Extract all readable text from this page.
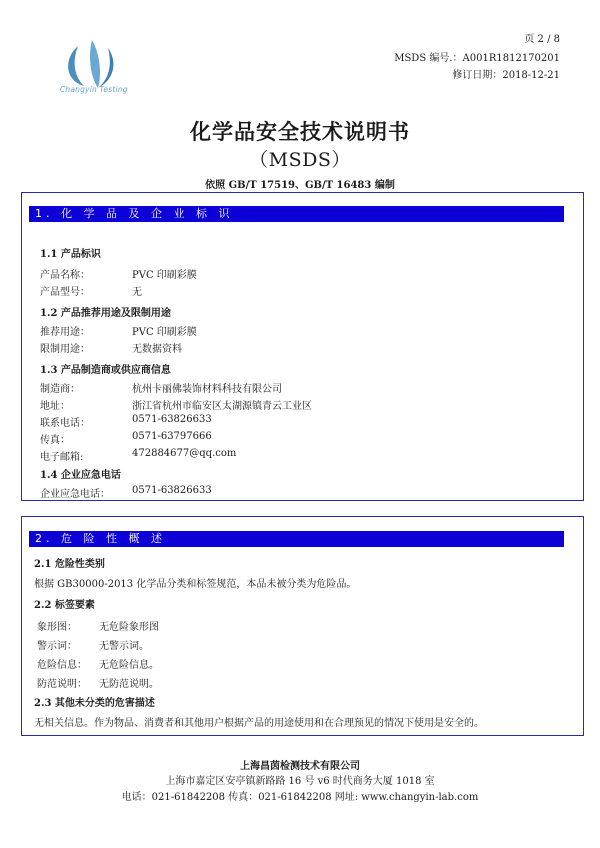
Changyin Testing
页 2 / 8
MSDS 编号.：A001R1812170201
修订日期：2018-12-21
化学品安全技术说明书
（MSDS）
依照 GB/T 17519、GB/T 16483 编制
1. 化 学 品 及 企 业 标 识
1.1 产品标识
产品名称：	PVC 印刷彩膜
产品型号：	无
1.2 产品推荐用途及限制用途
推荐用途：	PVC 印刷彩膜
限制用途：	无数据资料
1.3 产品制造商或供应商信息
制造商：	杭州卡丽佛装饰材料科技有限公司
地址：	浙江省杭州市临安区太湖源镇青云工业区
联系电话：	0571-63826633
传真：	0571-63797666
电子邮箱:	472884677@qq.com
1.4 企业应急电话
企业应急电话： 0571-63826633
2. 危 险 性 概 述
2.1 危险性类别
根据 GB30000-2013 化学品分类和标签规范，本品未被分类为危险品。
2.2 标签要素
象形图： 无危险象形图
警示词： 无警示词。
危险信息： 无危险信息。
防范说明： 无防范说明。
2.3 其他未分类的危害描述
无相关信息。作为物品、消费者和其他用户根据产品的用途使用和在合理预见的情况下使用是安全的。
上海昌茵检测技术有限公司
上海市嘉定区安亭镇新路路 16 号 v6 时代商务大厦 1018 室
电话：021-61842208 传真：021-61842208 网址: www.changyin-lab.com
